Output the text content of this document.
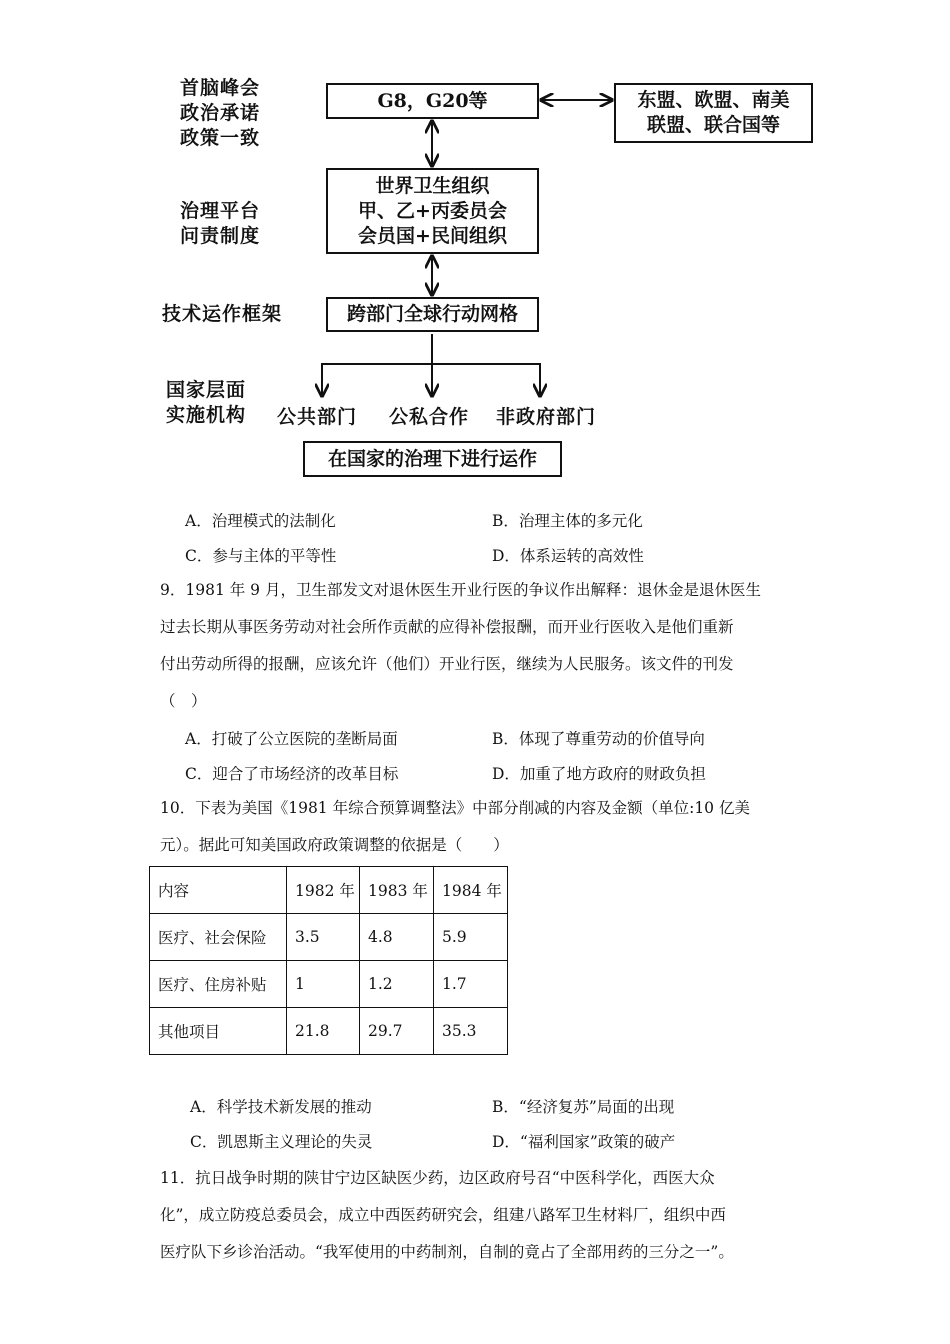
首脑峰会
政治承诺
政策一致
治理平台
问责制度
技术运作框架
国家层面
实施机构
G8，G20等	东盟、欧盟、南美
联盟、联合国等
世界卫生组织
甲、乙+丙委员会
会员国+民间组织
跨部门全球行动网格
在国家的治理下进行运作
公共部门 公私合作 非政府部门
A．治理模式的法制化	B．治理主体的多元化
C．参与主体的平等性	D．体系运转的高效性
9．1981 年 9 月，卫生部发文对退休医生开业行医的争议作出解释：退休金是退休医生
过去长期从事医务劳动对社会所作贡献的应得补偿报酬，而开业行医收入是他们重新
付出劳动所得的报酬，应该允许（他们）开业行医，继续为人民服务。该文件的刊发
（　）
A．打破了公立医院的垄断局面	B．体现了尊重劳动的价值导向
C．迎合了市场经济的改革目标	D．加重了地方政府的财政负担
10．下表为美国《1981 年综合预算调整法》中部分削减的内容及金额（单位:10 亿美
元）。据此可知美国政府政策调整的依据是（　　）
内容	1982 年	1983 年	1984 年
医疗、社会保险	3.5	4.8	5.9
医疗、住房补贴	1	1.2	1.7
其他项目	21.8	29.7	35.3
A．科学技术新发展的推动	B．“经济复苏”局面的出现
C．凯恩斯主义理论的失灵	D．“福利国家”政策的破产
11．抗日战争时期的陕甘宁边区缺医少药，边区政府号召“中医科学化，西医大众
化”，成立防疫总委员会，成立中西医药研究会，组建八路军卫生材料厂，组织中西
医疗队下乡诊治活动。“我军使用的中药制剂，自制的竟占了全部用药的三分之一”。
